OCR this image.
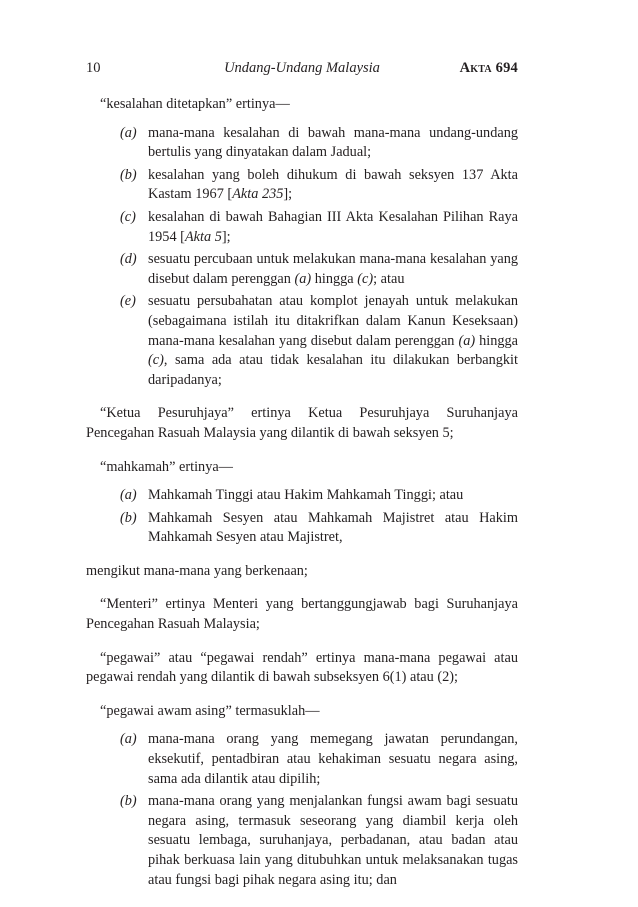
10	Undang-Undang Malaysia	Akta 694

“kesalahan ditetapkan” ertinya—

(a) mana-mana kesalahan di bawah mana-mana undang-undang bertulis yang dinyatakan dalam Jadual;

(b) kesalahan yang boleh dihukum di bawah seksyen 137 Akta Kastam 1967 [Akta 235];

(c) kesalahan di bawah Bahagian III Akta Kesalahan Pilihan Raya 1954 [Akta 5];

(d) sesuatu percubaan untuk melakukan mana-mana kesalahan yang disebut dalam perenggan (a) hingga (c); atau

(e) sesuatu persubahatan atau komplot jenayah untuk melakukan (sebagaimana istilah itu ditakrifkan dalam Kanun Keseksaan) mana-mana kesalahan yang disebut dalam perenggan (a) hingga (c), sama ada atau tidak kesalahan itu dilakukan berbangkit daripadanya;

“Ketua Pesuruhjaya” ertinya Ketua Pesuruhjaya Suruhanjaya Pencegahan Rasuah Malaysia yang dilantik di bawah seksyen 5;

“mahkamah” ertinya—

(a) Mahkamah Tinggi atau Hakim Mahkamah Tinggi; atau

(b) Mahkamah Sesyen atau Mahkamah Majistret atau Hakim Mahkamah Sesyen atau Majistret,

mengikut mana-mana yang berkenaan;

“Menteri” ertinya Menteri yang bertanggungjawab bagi Suruhanjaya Pencegahan Rasuah Malaysia;

“pegawai” atau “pegawai rendah” ertinya mana-mana pegawai atau pegawai rendah yang dilantik di bawah subseksyen 6(1) atau (2);

“pegawai awam asing” termasuklah—

(a) mana-mana orang yang memegang jawatan perundangan, eksekutif, pentadbiran atau kehakiman sesuatu negara asing, sama ada dilantik atau dipilih;

(b) mana-mana orang yang menjalankan fungsi awam bagi sesuatu negara asing, termasuk seseorang yang diambil kerja oleh sesuatu lembaga, suruhanjaya, perbadanan, atau badan atau pihak berkuasa lain yang ditubuhkan untuk melaksanakan tugas atau fungsi bagi pihak negara asing itu; dan
